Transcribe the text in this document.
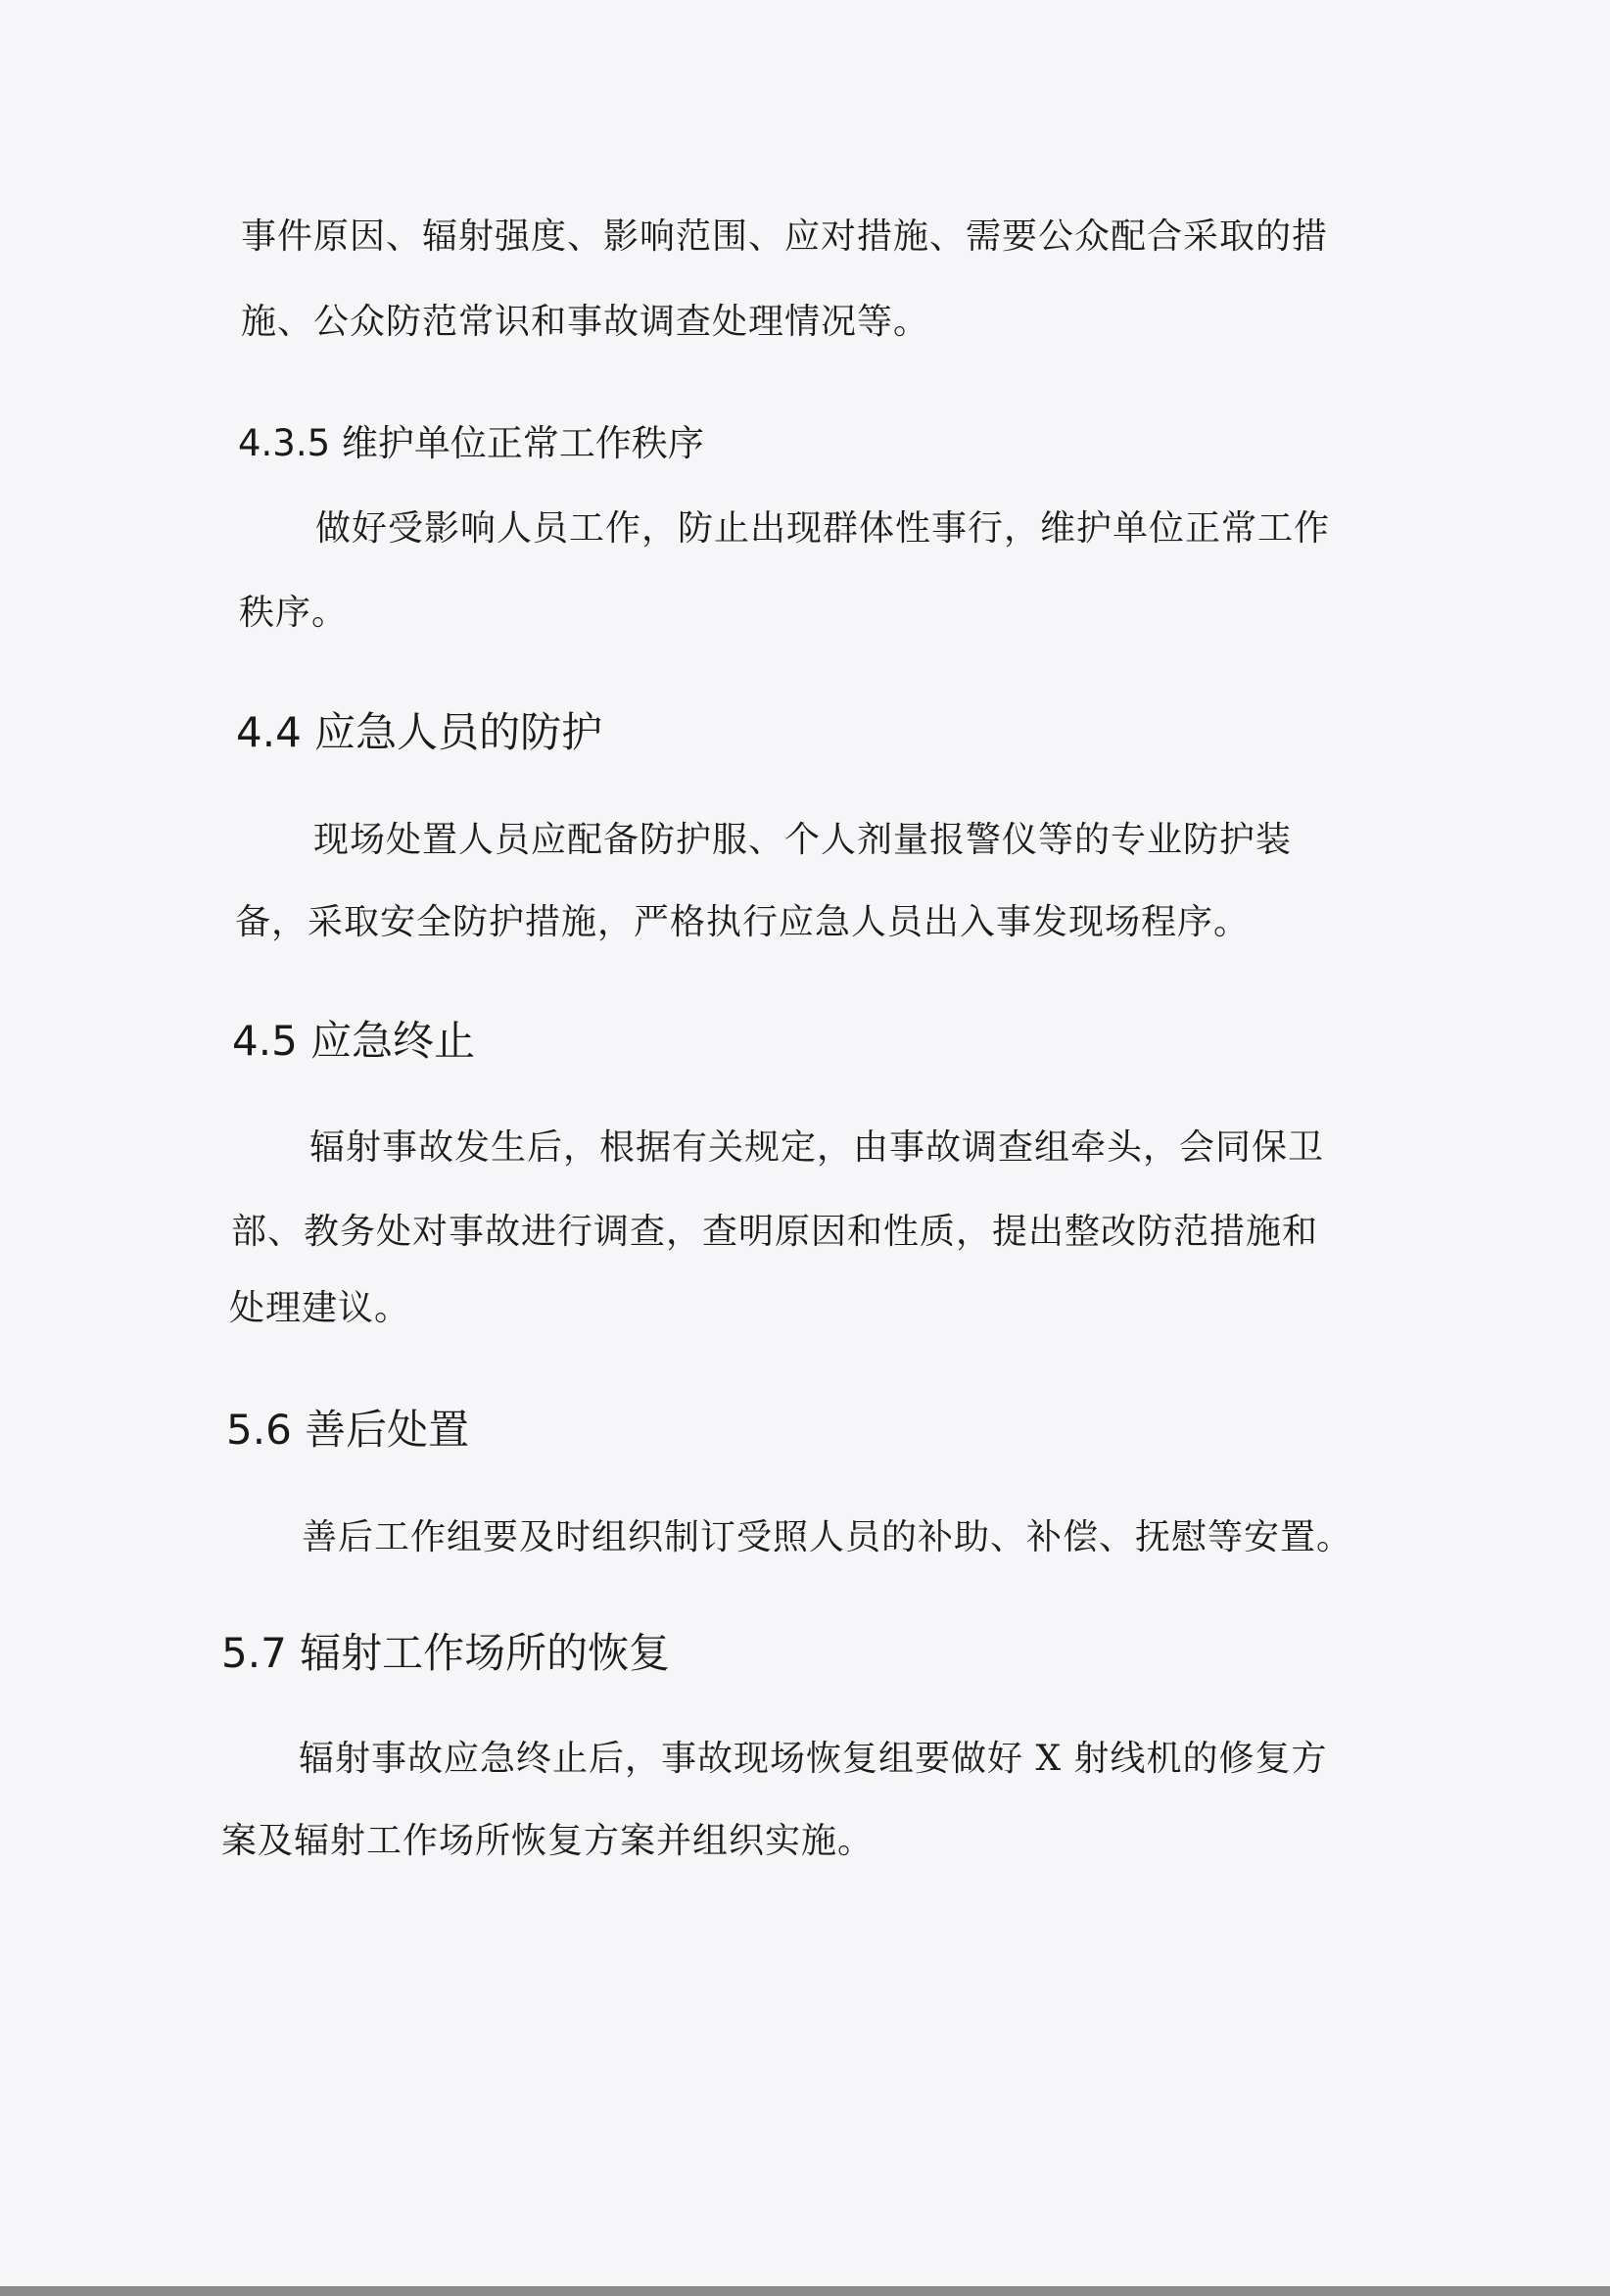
事件原因、辐射强度、影响范围、应对措施、需要公众配合采取的措
施、公众防范常识和事故调查处理情况等。
4.3.5 维护单位正常工作秩序
做好受影响人员工作，防止出现群体性事行，维护单位正常工作
秩序。
4.4 应急人员的防护
现场处置人员应配备防护服、个人剂量报警仪等的专业防护装
备，采取安全防护措施，严格执行应急人员出入事发现场程序。
4.5 应急终止
辐射事故发生后，根据有关规定，由事故调查组牵头，会同保卫
部、教务处对事故进行调查，查明原因和性质，提出整改防范措施和
处理建议。
5.6 善后处置
善后工作组要及时组织制订受照人员的补助、补偿、抚慰等安置。
5.7 辐射工作场所的恢复
辐射事故应急终止后，事故现场恢复组要做好 X 射线机的修复方
案及辐射工作场所恢复方案并组织实施。
